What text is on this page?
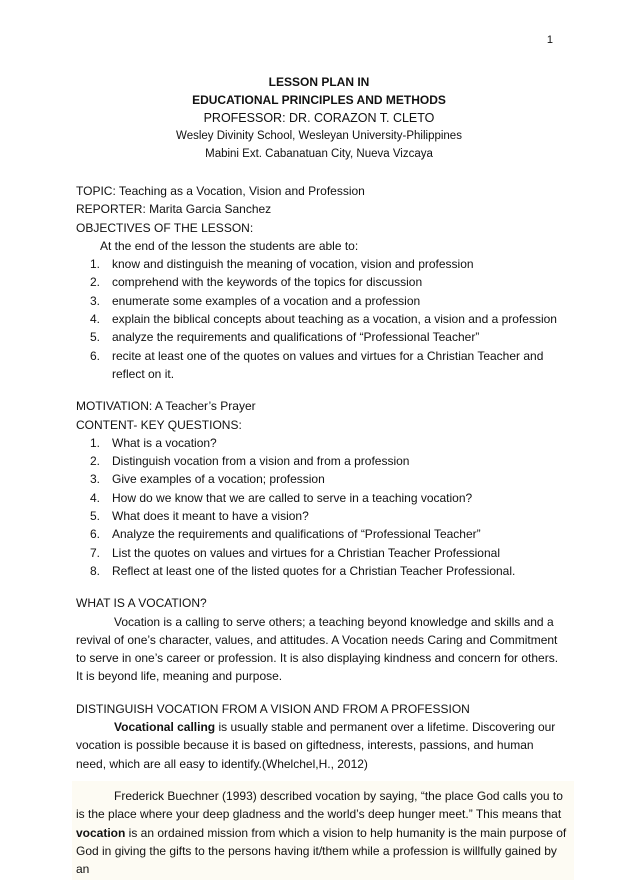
1
LESSON PLAN IN
EDUCATIONAL PRINCIPLES AND METHODS
PROFESSOR: DR. CORAZON T. CLETO
Wesley Divinity School, Wesleyan University-Philippines
Mabini Ext. Cabanatuan City, Nueva Vizcaya
TOPIC: Teaching as a Vocation, Vision and Profession
REPORTER: Marita Garcia Sanchez
OBJECTIVES OF THE LESSON:
At the end of the lesson the students are able to:
1. know and distinguish the meaning of vocation, vision and profession
2. comprehend with the keywords of the topics for discussion
3. enumerate some examples of a vocation and a profession
4. explain the biblical concepts about teaching as a vocation, a vision and a profession
5. analyze the requirements and qualifications of “Professional Teacher”
6. recite at least one of the quotes on values and virtues for a Christian Teacher and reflect on it.
MOTIVATION: A Teacher’s Prayer
CONTENT- KEY QUESTIONS:
1. What is a vocation?
2. Distinguish vocation from a vision and from a profession
3. Give examples of a vocation; profession
4. How do we know that we are called to serve in a teaching vocation?
5. What does it meant to have a vision?
6. Analyze the requirements and qualifications of “Professional Teacher”
7. List the quotes on values and virtues for a Christian Teacher Professional
8. Reflect at least one of the listed quotes for a Christian Teacher Professional.
WHAT IS A VOCATION?
Vocation is a calling to serve others; a teaching beyond knowledge and skills and a revival of one’s character, values, and attitudes. A Vocation needs Caring and Commitment to serve in one’s career or profession. It is also displaying kindness and concern for others. It is beyond life, meaning and purpose.
DISTINGUISH VOCATION FROM A VISION AND FROM A PROFESSION
Vocational calling is usually stable and permanent over a lifetime. Discovering our vocation is possible because it is based on giftedness, interests, passions, and human need, which are all easy to identify.(Whelchel,H., 2012)
Frederick Buechner (1993) described vocation by saying, “the place God calls you to is the place where your deep gladness and the world’s deep hunger meet.” This means that vocation is an ordained mission from which a vision to help humanity is the main purpose of God in giving the gifts to the persons having it/them while a profession is willfully gained by an
